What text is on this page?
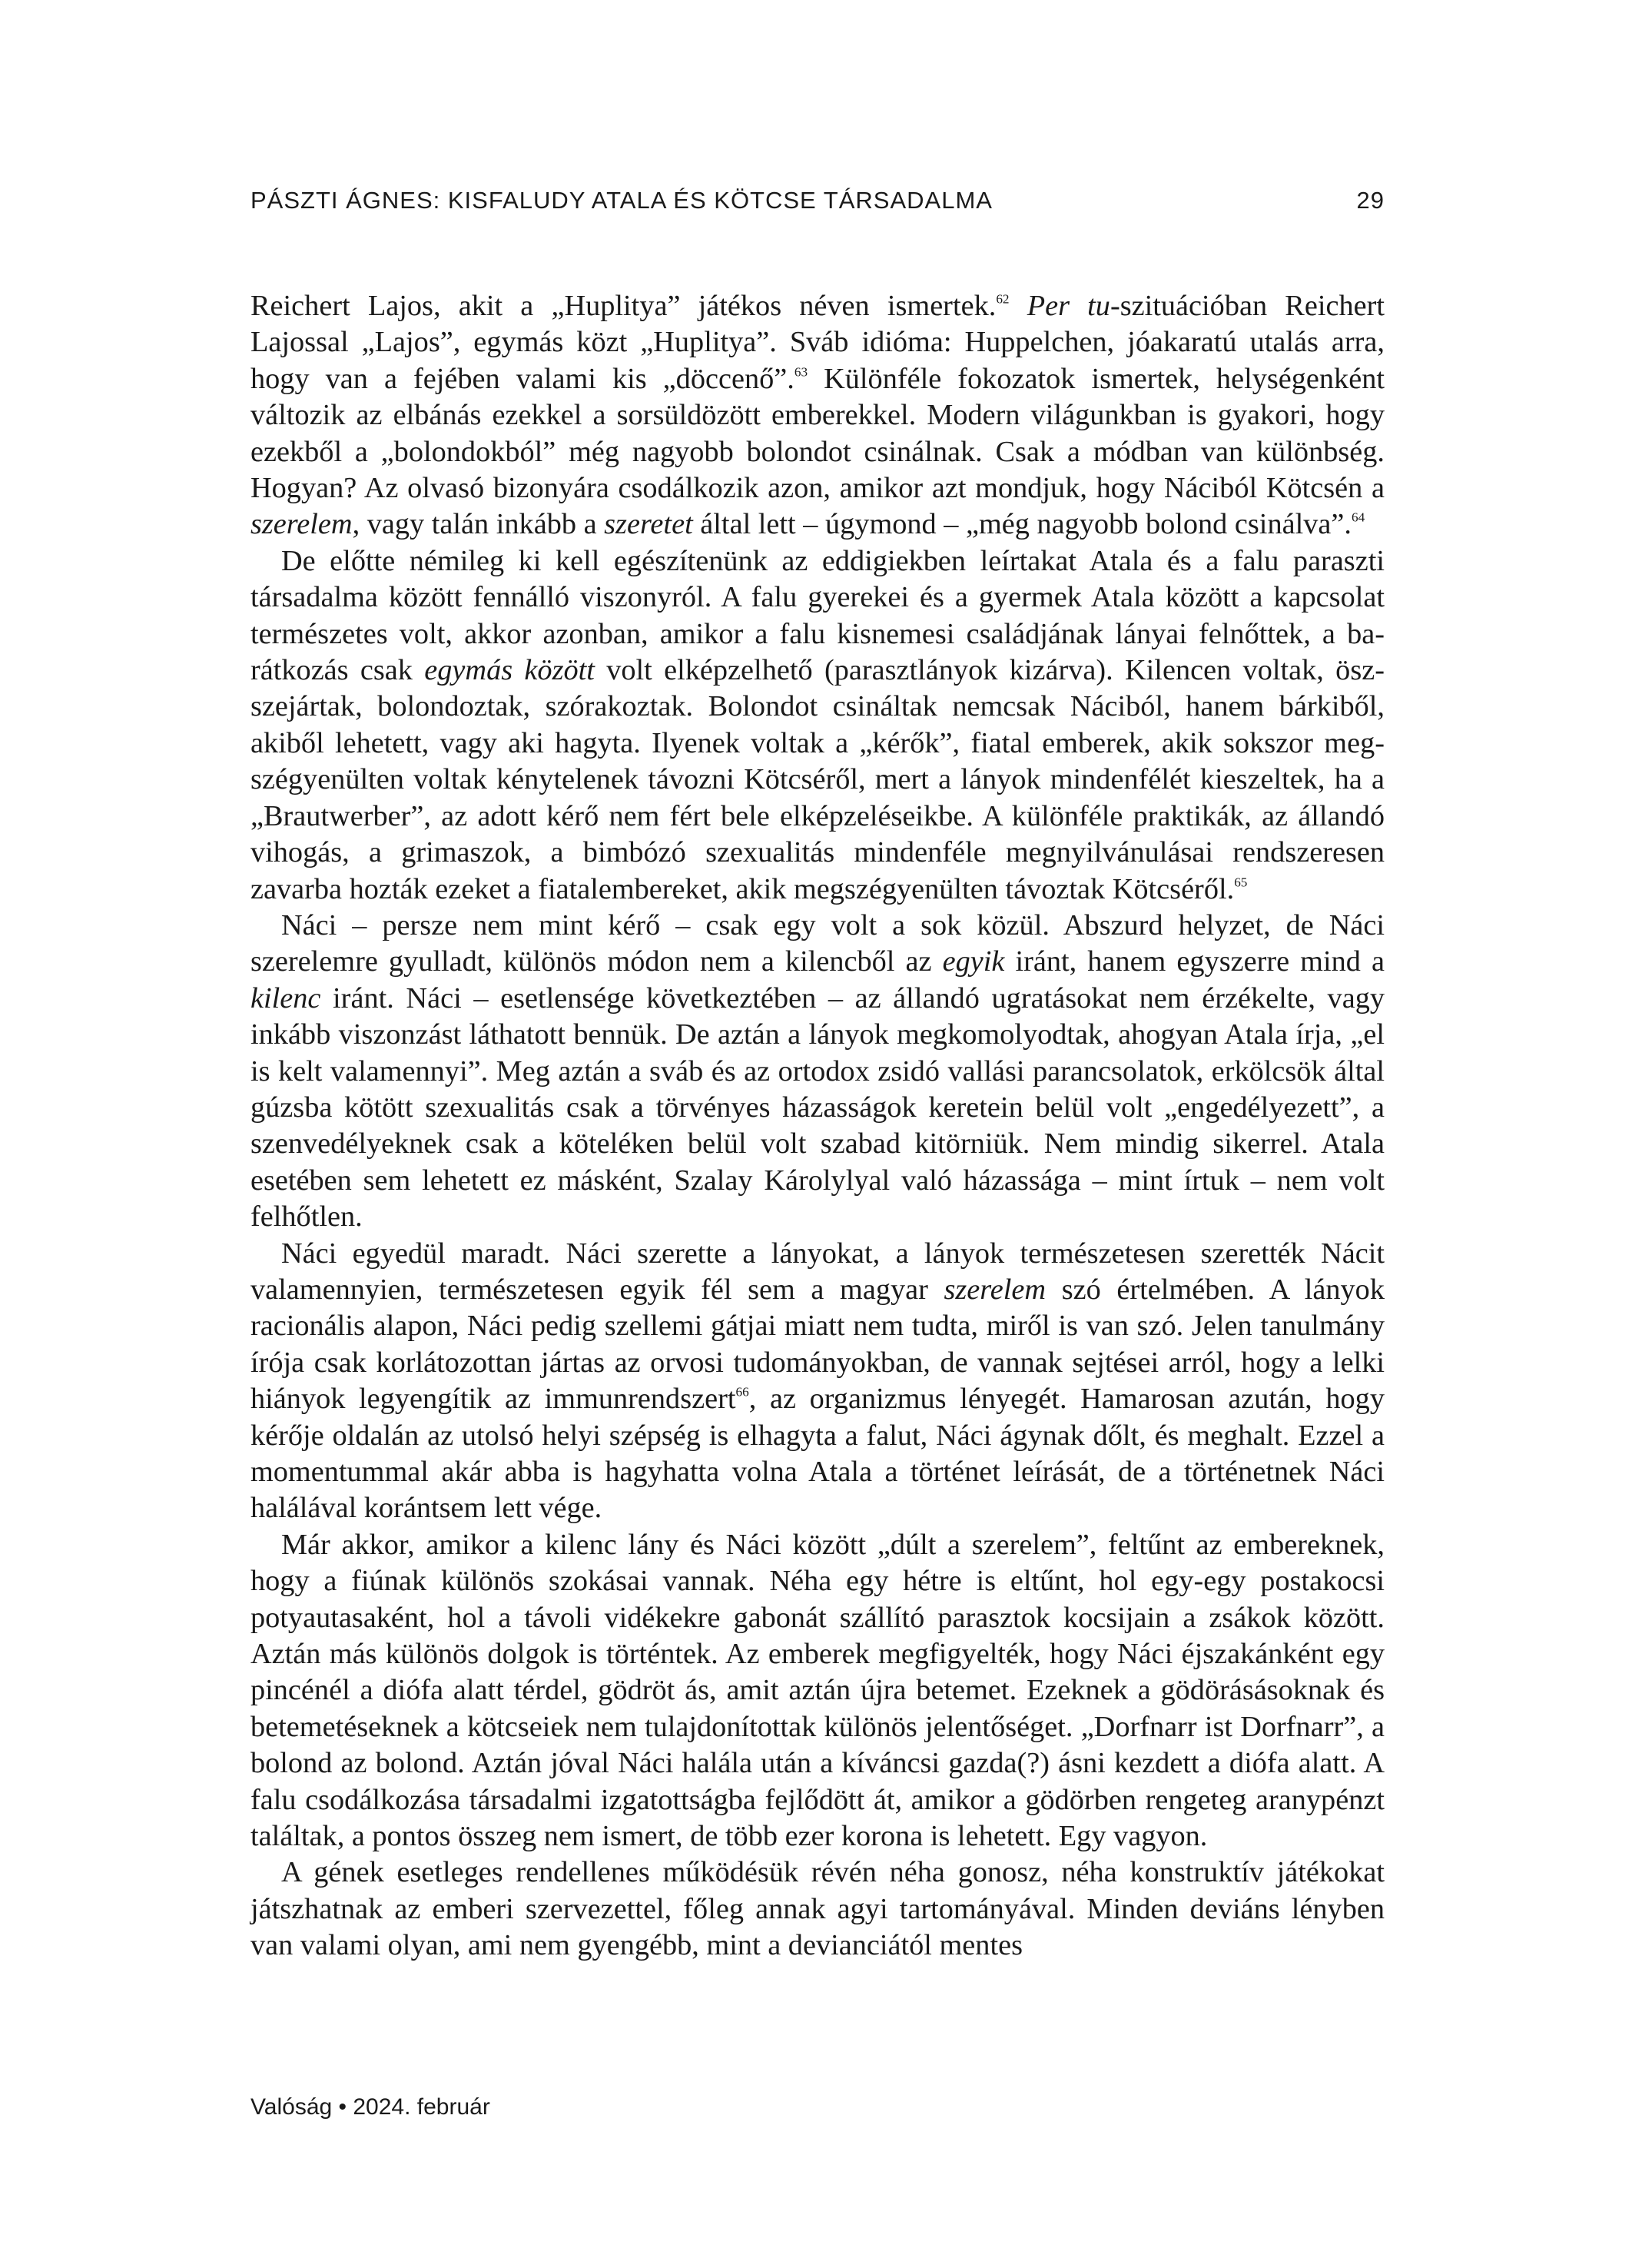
PÁSZTI ÁGNES: KISFALUDY ATALA ÉS KÖTCSE TÁRSADALMA	29

Reichert Lajos, akit a „Huplitya” játékos néven ismertek.$^{62}$ Per tu-szituációban Reichert Lajossal „Lajos”, egymás közt „Huplitya”. Sváb idióma: Huppelchen, jóakaratú utalás arra, hogy van a fejében valami kis „döccenő”.$^{63}$ Különféle fokozatok ismertek, helységenként változik az elbánás ezekkel a sorsüldözött emberekkel. Modern világunkban is gyakori, hogy ezekből a „bolondokból” még nagyobb bolondot csinálnak. Csak a módban van különbség. Hogyan? Az olvasó bizonyára csodálkozik azon, amikor azt mondjuk, hogy Náciból Kötcsén a szerelem, vagy talán inkább a szeretet által lett – úgymond – „még nagyobb bolond csinálva”.$^{64}$

De előtte némileg ki kell egészítenünk az eddigiekben leírtakat Atala és a falu paraszti társadalma között fennálló viszonyról. A falu gyerekei és a gyermek Atala között a kapcsolat természetes volt, akkor azonban, amikor a falu kisnemesi családjának lányai felnőttek, a barátkozás csak egymás között volt elképzelhető (parasztlányok kizárva). Kilencen voltak, öszszejártak, bolondoztak, szórakoztak. Bolondot csináltak nemcsak Náciból, hanem bárkiből, akiből lehetett, vagy aki hagyta. Ilyenek voltak a „kérők”, fiatal emberek, akik sokszor megszégyenülten voltak kénytelenek távozni Kötcséről, mert a lányok mindenfélét kieszeltek, ha a „Brautwerber”, az adott kérő nem fért bele elképzeléseikbe. A különféle praktikák, az állandó vihogás, a grimaszok, a bimbózó szexualitás mindenféle megnyilvánulásai rendszeresen zavarba hozták ezeket a fiatalembereket, akik megszégyenülten távoztak Kötcséről.$^{65}$

Náci – persze nem mint kérő – csak egy volt a sok közül. Abszurd helyzet, de Náci szerelemre gyulladt, különös módon nem a kilencből az egyik iránt, hanem egyszerre mind a kilenc iránt. Náci – esetlensége következtében – az állandó ugratásokat nem érzékelte, vagy inkább viszonzást láthatott bennük. De aztán a lányok megkomolyodtak, ahogyan Atala írja, „el is kelt valamennyi”. Meg aztán a sváb és az ortodox zsidó vallási parancsolatok, erkölcsök által gúzsba kötött szexualitás csak a törvényes házasságok keretein belül volt „engedélyezett”, a szenvedélyeknek csak a köteléken belül volt szabad kitörniük. Nem mindig sikerrel. Atala esetében sem lehetett ez másként, Szalay Károlylyal való házassága – mint írtuk – nem volt felhőtlen.

Náci egyedül maradt. Náci szerette a lányokat, a lányok természetesen szerették Nácit valamennyien, természetesen egyik fél sem a magyar szerelem szó értelmében. A lányok racionális alapon, Náci pedig szellemi gátjai miatt nem tudta, miről is van szó. Jelen tanulmány írója csak korlátozottan jártas az orvosi tudományokban, de vannak sejtései arról, hogy a lelki hiányok legyengítik az immunrendszert$^{66}$, az organizmus lényegét. Hamarosan azután, hogy kérője oldalán az utolsó helyi szépség is elhagyta a falut, Náci ágynak dőlt, és meghalt. Ezzel a momentummal akár abba is hagyhatta volna Atala a történet leírását, de a történetnek Náci halálával korántsem lett vége.

Már akkor, amikor a kilenc lány és Náci között „dúlt a szerelem”, feltűnt az embereknek, hogy a fiúnak különös szokásai vannak. Néha egy hétre is eltűnt, hol egy-egy postakocsi potyautasaként, hol a távoli vidékekre gabonát szállító parasztok kocsijain a zsákok között. Aztán más különös dolgok is történtek. Az emberek megfigyelték, hogy Náci éjszakánként egy pincénél a diófa alatt térdel, gödröt ás, amit aztán újra betemet. Ezeknek a gödörásásoknak és betemetéseknek a kötcseiek nem tulajdonítottak különös jelentőséget. „Dorfnarr ist Dorfnarr”, a bolond az bolond. Aztán jóval Náci halála után a kíváncsi gazda(?) ásni kezdett a diófa alatt. A falu csodálkozása társadalmi izgatottságba fejlődött át, amikor a gödörben rengeteg aranypénzt találtak, a pontos összeg nem ismert, de több ezer korona is lehetett. Egy vagyon.

A gének esetleges rendellenes működésük révén néha gonosz, néha konstruktív játékokat játszhatnak az emberi szervezettel, főleg annak agyi tartományával. Minden deviáns lényben van valami olyan, ami nem gyengébb, mint a devianciától mentes

Valóság • 2024. február
